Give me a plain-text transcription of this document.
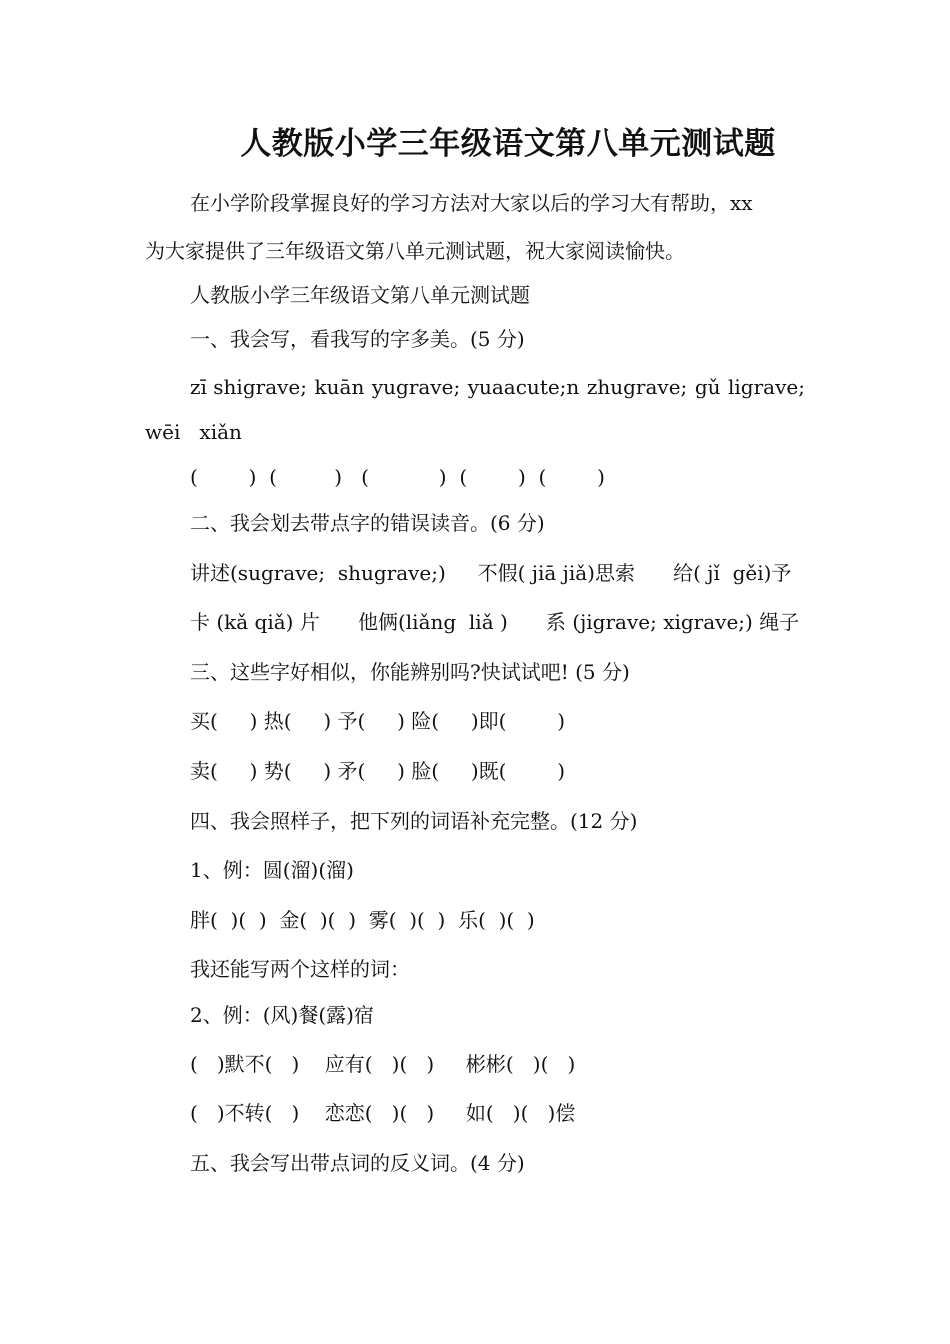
人教版小学三年级语文第八单元测试题
在小学阶段掌握良好的学习方法对大家以后的学习大有帮助，xx
为大家提供了三年级语文第八单元测试题，祝大家阅读愉快。
人教版小学三年级语文第八单元测试题
一、我会写，看我写的字多美。(5 分)
zī shigrave; kuān yugrave; yuaacute;n zhugrave; gǔ ligrave;
wēi   xiǎn
(        )  (         )   (           )  (        )  (        )
二、我会划去带点字的错误读音。(6 分)
讲述(sugrave;  shugrave;)     不假( jiā jiǎ)思索      给( jǐ  gěi)予
卡 (kǎ qiǎ) 片      他俩(liǎng  liǎ )      系 (jigrave; xigrave;) 绳子
三、这些字好相似，你能辨别吗?快试试吧! (5 分)
买(     ) 热(     ) 予(     ) 险(     )即(        )
卖(     ) 势(     ) 矛(     ) 脸(     )既(        )
四、我会照样子，把下列的词语补充完整。(12 分)
1、例：圆(溜)(溜)
胖(  )(  )  金(  )(  )  雾(  )(  )  乐(  )(  )
我还能写两个这样的词：
2、例：(风)餐(露)宿
(   )默不(   )    应有(   )(   )     彬彬(   )(   )
(   )不转(   )    恋恋(   )(   )     如(   )(   )偿
五、我会写出带点词的反义词。(4 分)
